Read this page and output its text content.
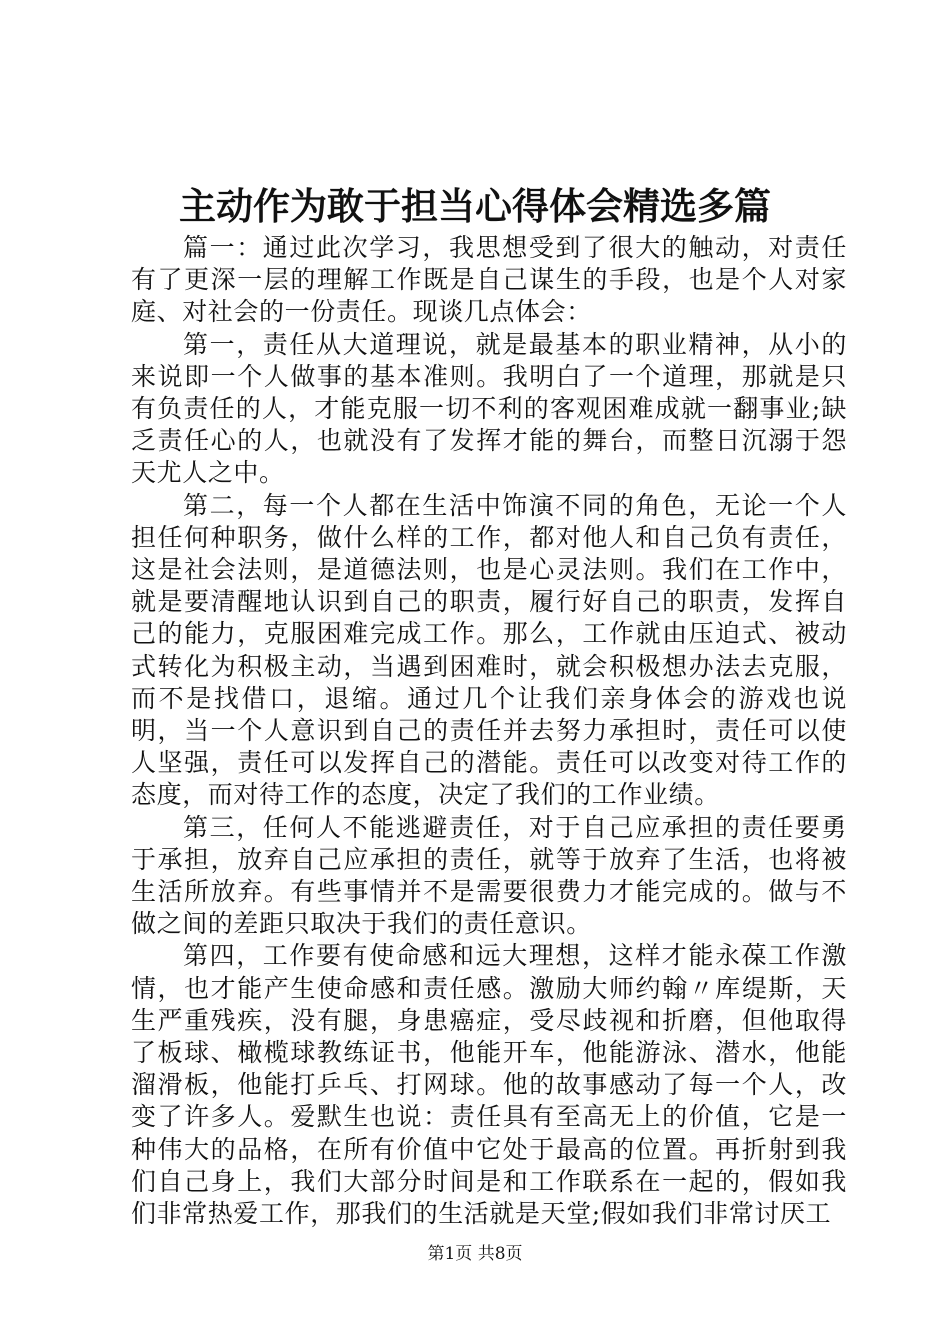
主动作为敢于担当心得体会精选多篇

篇一：通过此次学习，我思想受到了很大的触动，对责任有了更深一层的理解工作既是自己谋生的手段，也是个人对家庭、对社会的一份责任。现谈几点体会：

第一，责任从大道理说，就是最基本的职业精神，从小的来说即一个人做事的基本准则。我明白了一个道理，那就是只有负责任的人，才能克服一切不利的客观困难成就一翻事业;缺乏责任心的人，也就没有了发挥才能的舞台，而整日沉溺于怨天尤人之中。

第二，每一个人都在生活中饰演不同的角色，无论一个人担任何种职务，做什么样的工作，都对他人和自己负有责任，这是社会法则，是道德法则，也是心灵法则。我们在工作中，就是要清醒地认识到自己的职责，履行好自己的职责，发挥自己的能力，克服困难完成工作。那么，工作就由压迫式、被动式转化为积极主动，当遇到困难时，就会积极想办法去克服，而不是找借口，退缩。通过几个让我们亲身体会的游戏也说明，当一个人意识到自己的责任并去努力承担时，责任可以使人坚强，责任可以发挥自己的潜能。责任可以改变对待工作的态度，而对待工作的态度，决定了我们的工作业绩。

第三，任何人不能逃避责任，对于自己应承担的责任要勇于承担，放弃自己应承担的责任，就等于放弃了生活，也将被生活所放弃。有些事情并不是需要很费力才能完成的。做与不做之间的差距只取决于我们的责任意识。

第四，工作要有使命感和远大理想，这样才能永葆工作激情，也才能产生使命感和责任感。激励大师约翰〃库缇斯，天生严重残疾，没有腿，身患癌症，受尽歧视和折磨，但他取得了板球、橄榄球教练证书，他能开车，他能游泳、潜水，他能溜滑板，他能打乒乓、打网球。他的故事感动了每一个人，改变了许多人。爱默生也说：责任具有至高无上的价值，它是一种伟大的品格，在所有价值中它处于最高的位置。再折射到我们自己身上，我们大部分时间是和工作联系在一起的，假如我们非常热爱工作，那我们的生活就是天堂;假如我们非常讨厌工

第1页 共8页
